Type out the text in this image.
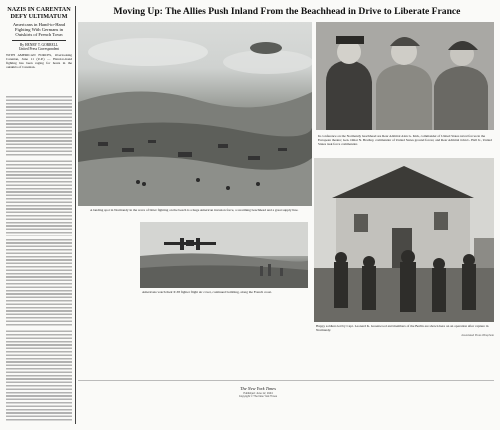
NAZIS IN CARENTAN DEFY ULTIMATUM

Americans in Hand-to-Hand Fighting With Germans in Outskirts of French Town

By HENRY T. GORRELL

United Press Correspondent

WITH AMERICAN FORCES, Overlooking Carentan, June 11 (U.P.) — Hand-to-hand fighting has been raging for hours in the outskirts of Carentan.

Moving Up: The Allies Push Inland From the Beachhead in Drive to Liberate France
A landing spot in Normandy in the wave of bitter fighting on the beach is a huge American invasion force, a swarming beachhead and a great supply line.
In conference on the Normandy beachhead are Rear Admiral Alan G. Kirk, commander of United States naval forces in the European theatre; Gen. Omar N. Bradley, commander of United States ground forces; and Rear Admiral John L. Hall Jr., United States task force commander.
Americans watch their P-38 fighter flight air cover, continued bombing, along the French coast.
Happy soldiers led by Capt. Leonard K. Greenwood and members of the Berlin are shown here on an operation after capture in Normandy.
Associated Press Wirephoto
The New York Times
Published: June 12, 1944
Copyright © The New York Times
